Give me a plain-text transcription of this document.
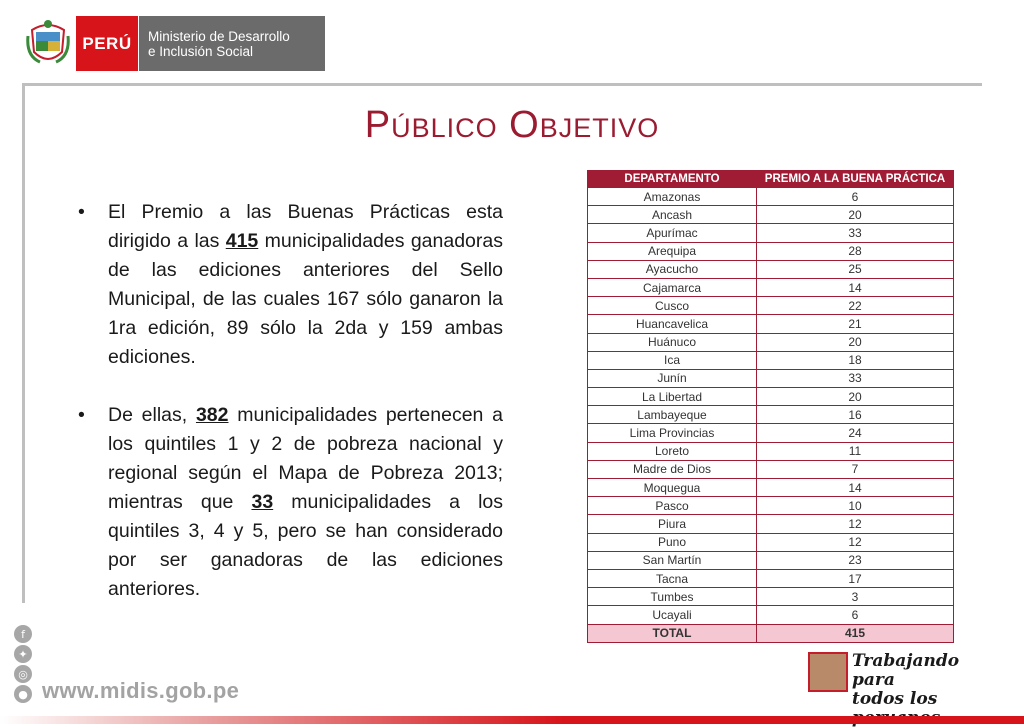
PERÚ	Ministerio de Desarrollo
e Inclusión Social
Público Objetivo
• El Premio a las Buenas Prácticas esta dirigido a las 415 municipalidades ganadoras de las ediciones anteriores del Sello Municipal, de las cuales 167 sólo ganaron la 1ra edición, 89 sólo la 2da y 159 ambas ediciones.
• De ellas, 382 municipalidades pertenecen a los quintiles 1 y 2 de pobreza nacional y regional según el Mapa de Pobreza 2013; mientras que 33 municipalidades a los quintiles 3, 4 y 5, pero se han considerado por ser ganadoras de las ediciones anteriores.
DEPARTAMENTO	PREMIO A LA BUENA PRÁCTICA
Amazonas	6
Ancash	20
Apurímac	33
Arequipa	28
Ayacucho	25
Cajamarca	14
Cusco	22
Huancavelica	21
Huánuco	20
Ica	18
Junín	33
La Libertad	20
Lambayeque	16
Lima Provincias	24
Loreto	11
Madre de Dios	7
Moquegua	14
Pasco	10
Piura	12
Puno	12
San Martín	23
Tacna	17
Tumbes	3
Ucayali	6
TOTAL	415
f
✦
◎
● www.midis.gob.pe
Trabajando para
todos los
